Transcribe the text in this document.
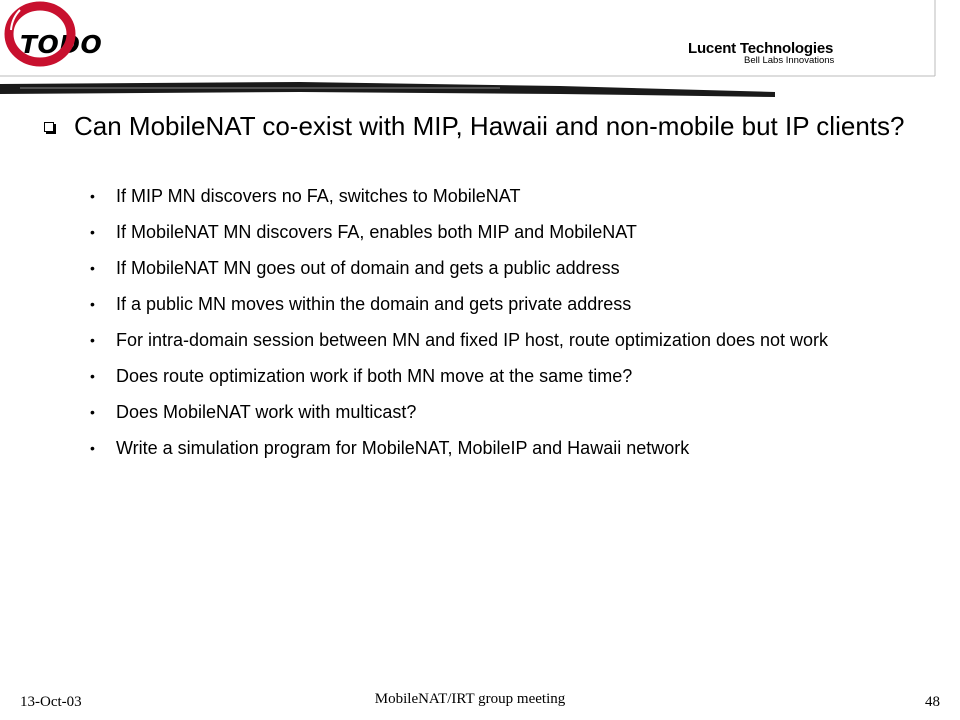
TODO	Lucent Technologies
Bell Labs Innovations
Can MobileNAT co-exist with MIP, Hawaii and non-mobile but IP clients?
• If MIP MN discovers no FA, switches to MobileNAT
• If MobileNAT MN discovers FA, enables both MIP and MobileNAT
• If MobileNAT MN goes out of domain and gets a public address
• If a public MN moves within the domain and gets private address
• For intra-domain session between MN and fixed IP host, route optimization does not work
• Does route optimization work if both MN move at the same time?
• Does MobileNAT work with multicast?
• Write a simulation program for MobileNAT, MobileIP and Hawaii network
13-Oct-03	MobileNAT/IRT group meeting	48
